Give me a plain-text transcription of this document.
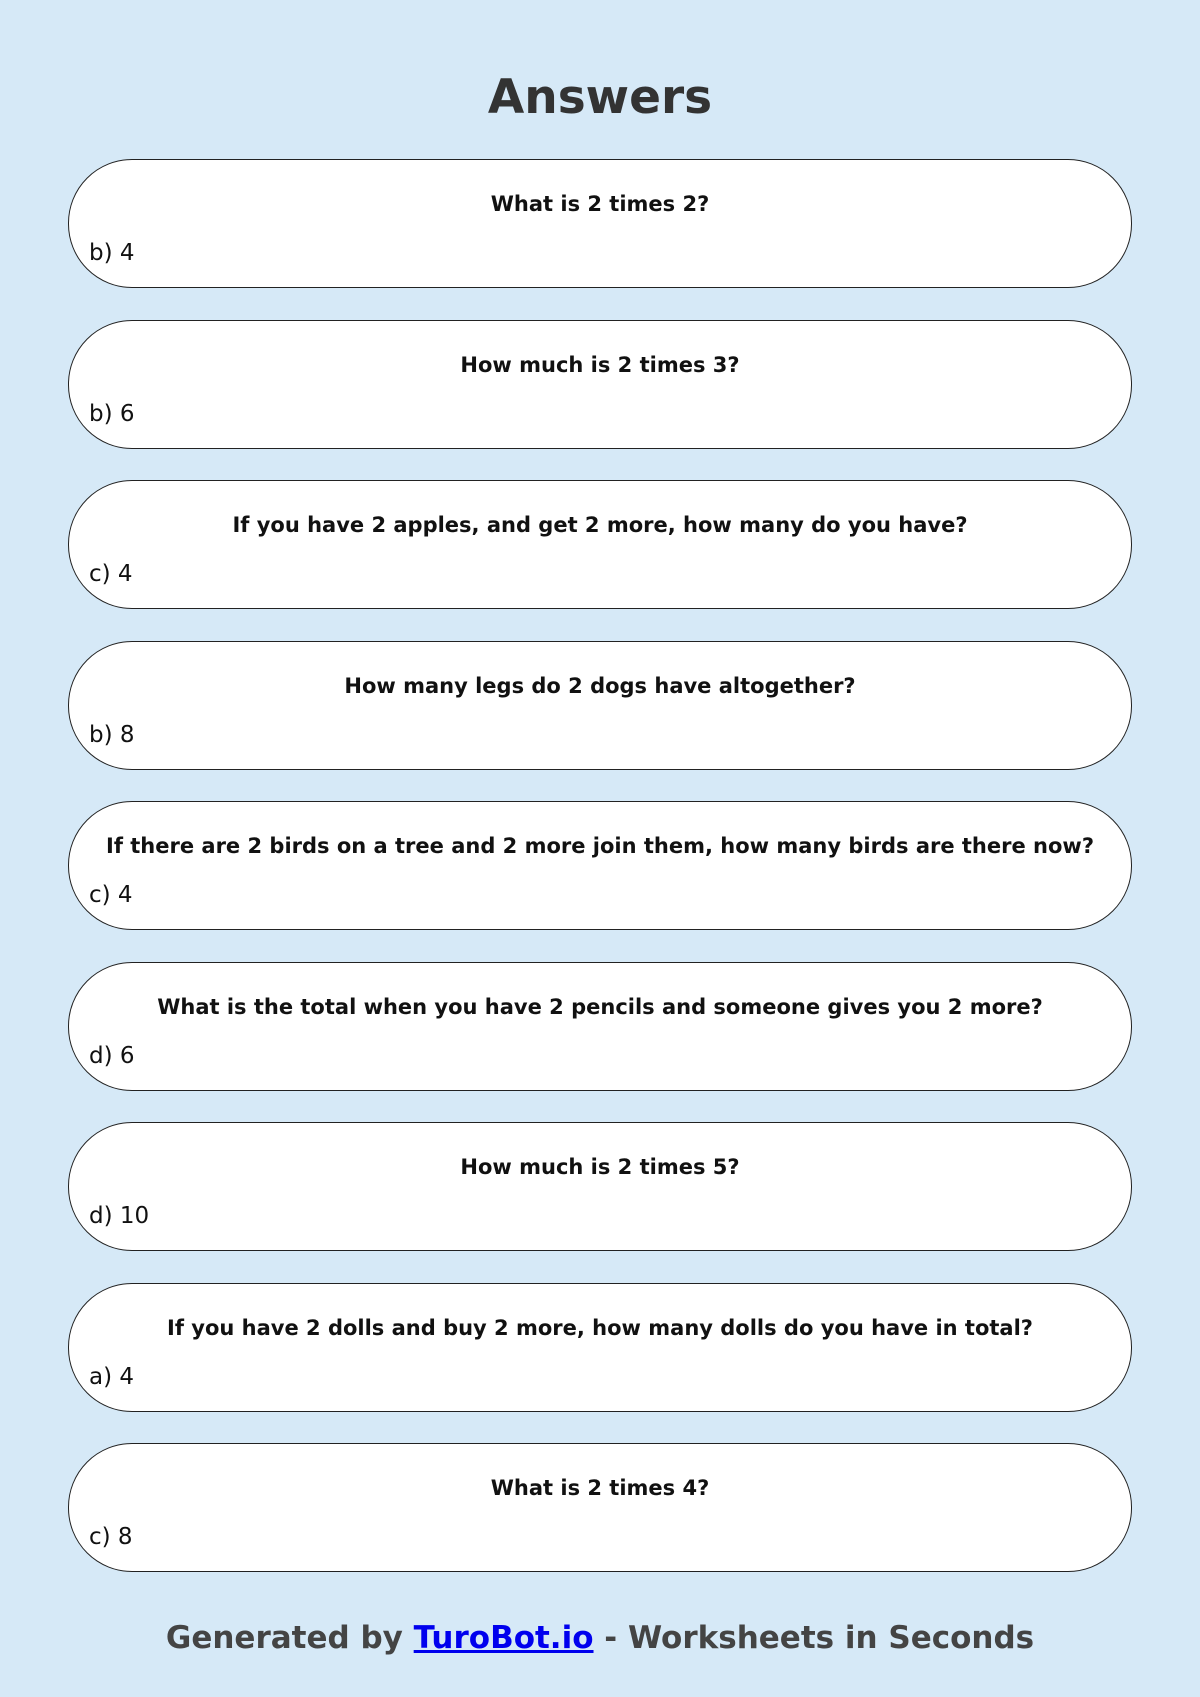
Answers
What is 2 times 2?
b) 4
How much is 2 times 3?
b) 6
If you have 2 apples, and get 2 more, how many do you have?
c) 4
How many legs do 2 dogs have altogether?
b) 8
If there are 2 birds on a tree and 2 more join them, how many birds are there now?
c) 4
What is the total when you have 2 pencils and someone gives you 2 more?
d) 6
How much is 2 times 5?
d) 10
If you have 2 dolls and buy 2 more, how many dolls do you have in total?
a) 4
What is 2 times 4?
c) 8
Generated by TuroBot.io - Worksheets in Seconds
